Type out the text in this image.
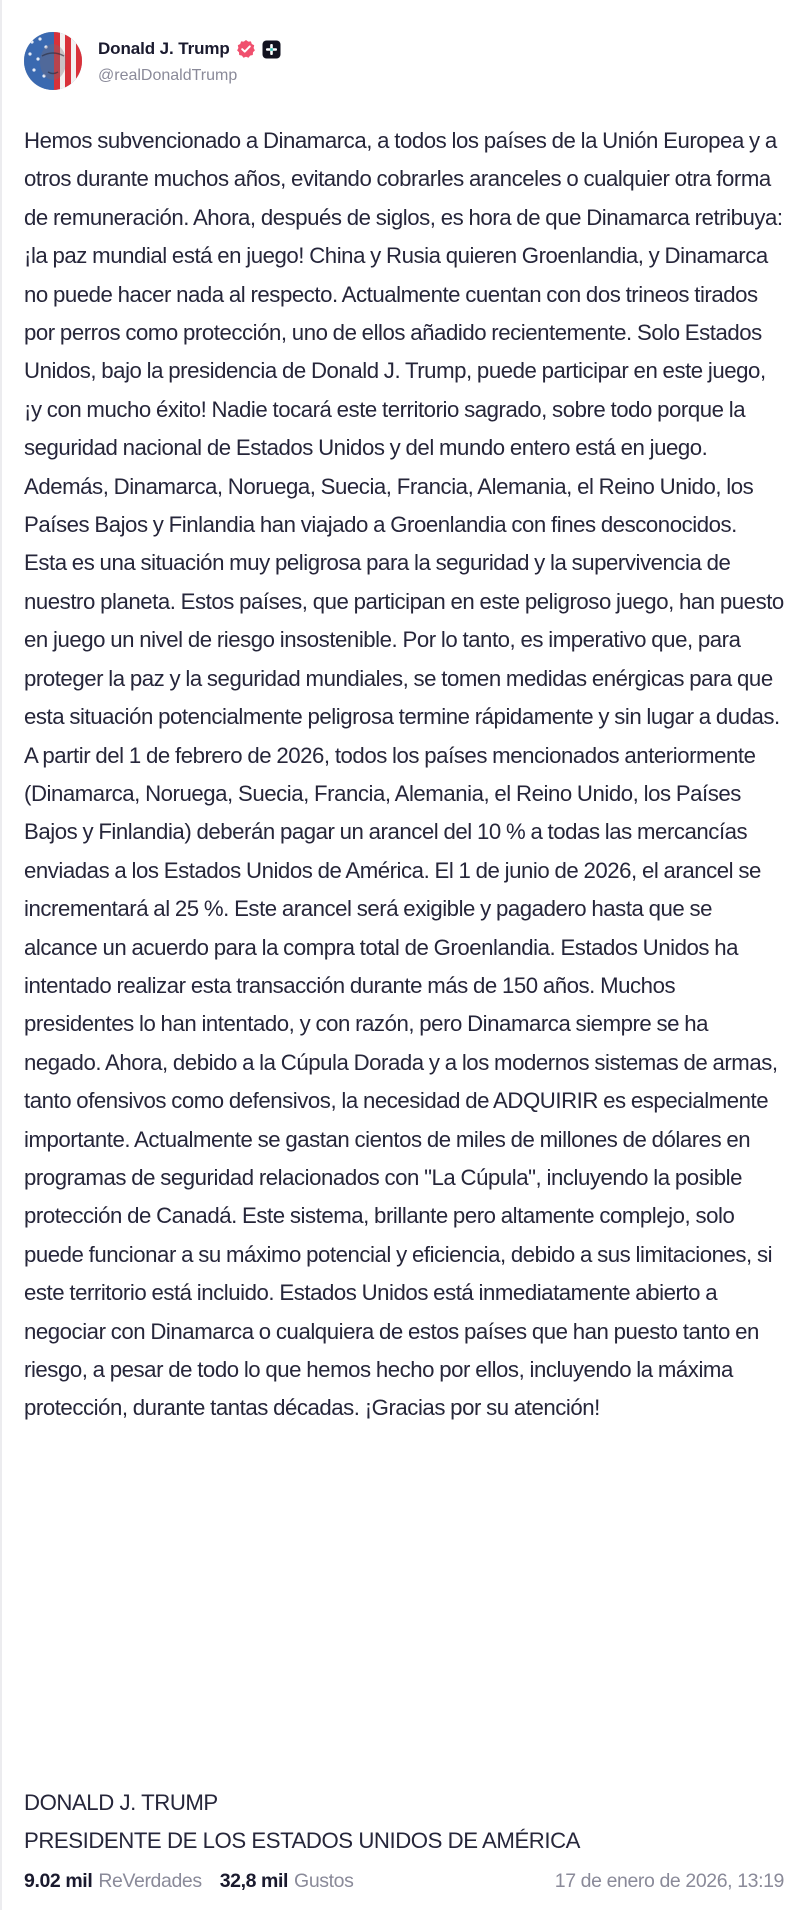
Donald J. Trump
@realDonaldTrump

Hemos subvencionado a Dinamarca, a todos los países de la Unión Europea y a otros durante muchos años, evitando cobrarles aranceles o cualquier otra forma de remuneración. Ahora, después de siglos, es hora de que Dinamarca retribuya: ¡la paz mundial está en juego! China y Rusia quieren Groenlandia, y Dinamarca no puede hacer nada al respecto. Actualmente cuentan con dos trineos tirados por perros como protección, uno de ellos añadido recientemente. Solo Estados Unidos, bajo la presidencia de Donald J. Trump, puede participar en este juego, ¡y con mucho éxito! Nadie tocará este territorio sagrado, sobre todo porque la seguridad nacional de Estados Unidos y del mundo entero está en juego. Además, Dinamarca, Noruega, Suecia, Francia, Alemania, el Reino Unido, los Países Bajos y Finlandia han viajado a Groenlandia con fines desconocidos. Esta es una situación muy peligrosa para la seguridad y la supervivencia de nuestro planeta. Estos países, que participan en este peligroso juego, han puesto en juego un nivel de riesgo insostenible. Por lo tanto, es imperativo que, para proteger la paz y la seguridad mundiales, se tomen medidas enérgicas para que esta situación potencialmente peligrosa termine rápidamente y sin lugar a dudas. A partir del 1 de febrero de 2026, todos los países mencionados anteriormente (Dinamarca, Noruega, Suecia, Francia, Alemania, el Reino Unido, los Países Bajos y Finlandia) deberán pagar un arancel del 10 % a todas las mercancías enviadas a los Estados Unidos de América. El 1 de junio de 2026, el arancel se incrementará al 25 %. Este arancel será exigible y pagadero hasta que se alcance un acuerdo para la compra total de Groenlandia. Estados Unidos ha intentado realizar esta transacción durante más de 150 años. Muchos presidentes lo han intentado, y con razón, pero Dinamarca siempre se ha negado. Ahora, debido a la Cúpula Dorada y a los modernos sistemas de armas, tanto ofensivos como defensivos, la necesidad de ADQUIRIR es especialmente importante. Actualmente se gastan cientos de miles de millones de dólares en programas de seguridad relacionados con "La Cúpula", incluyendo la posible protección de Canadá. Este sistema, brillante pero altamente complejo, solo puede funcionar a su máximo potencial y eficiencia, debido a sus limitaciones, si este territorio está incluido. Estados Unidos está inmediatamente abierto a negociar con Dinamarca o cualquiera de estos países que han puesto tanto en riesgo, a pesar de todo lo que hemos hecho por ellos, incluyendo la máxima protección, durante tantas décadas. ¡Gracias por su atención!

DONALD J. TRUMP
PRESIDENTE DE LOS ESTADOS UNIDOS DE AMÉRICA
9.02 mil ReVerdades 32,8 mil Gustos	17 de enero de 2026, 13:19
